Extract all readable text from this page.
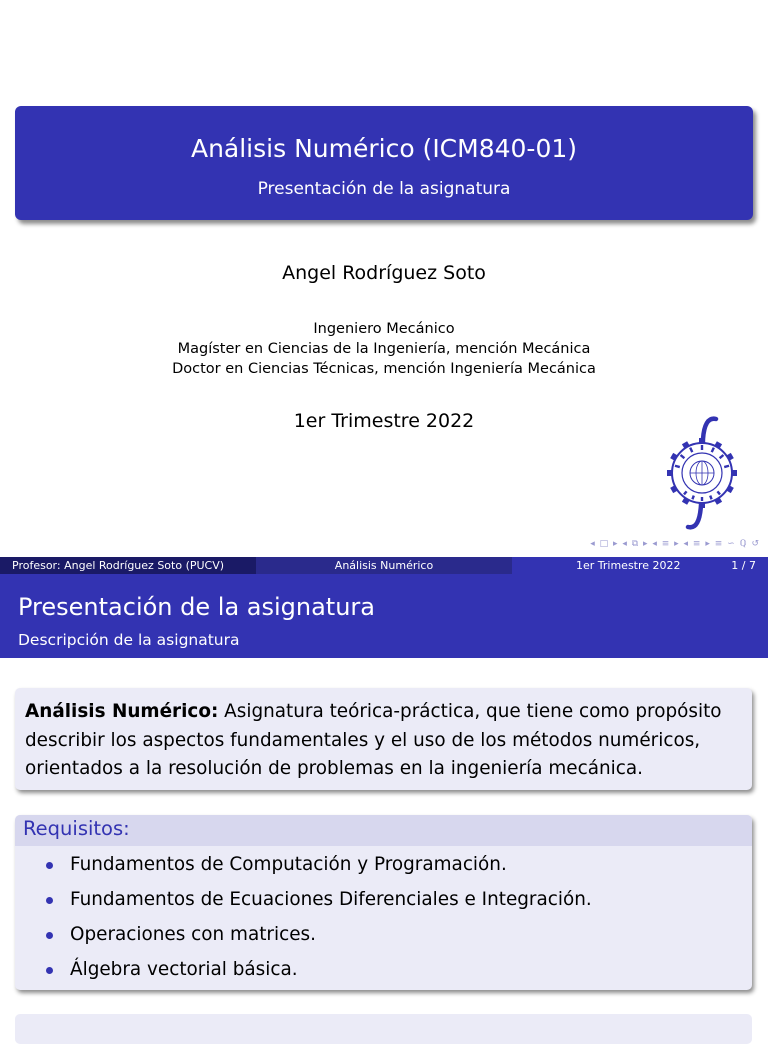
Análisis Numérico (ICM840-01)
Presentación de la asignatura
Angel Rodríguez Soto
Ingeniero Mecánico
Magíster en Ciencias de la Ingeniería, mención Mecánica
Doctor en Ciencias Técnicas, mención Ingeniería Mecánica
1er Trimestre 2022
◂ □ ▸ ◂ ⧉ ▸ ◂ ≡ ▸ ◂ ≡ ▸ ≡ ∽ ℚ ↺
Profesor: Angel Rodríguez Soto (PUCV)	Análisis Numérico	1er Trimestre 2022	1 / 7
Presentación de la asignatura
Descripción de la asignatura
Análisis Numérico: Asignatura teórica-práctica, que tiene como propósito
describir los aspectos fundamentales y el uso de los métodos numéricos,
orientados a la resolución de problemas en la ingeniería mecánica.
Requisitos:
Fundamentos de Computación y Programación.
Fundamentos de Ecuaciones Diferenciales e Integración.
Operaciones con matrices.
Álgebra vectorial básica.
